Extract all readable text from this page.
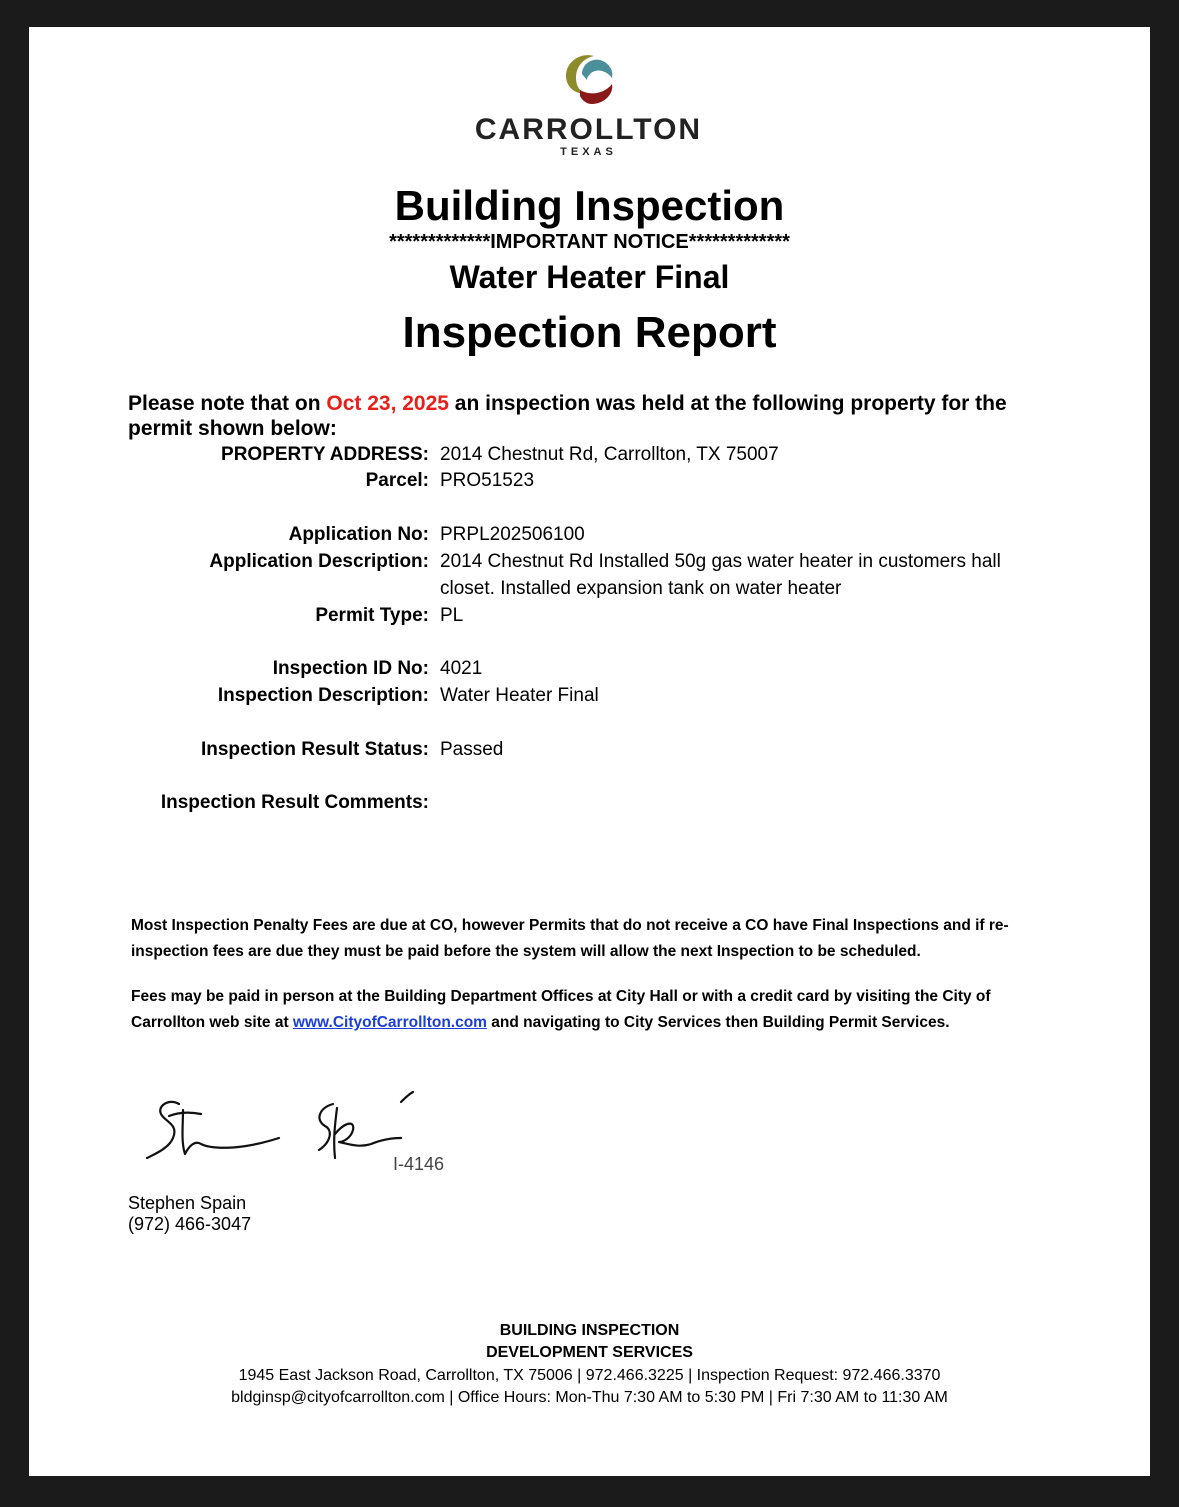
CARROLLTON
TEXAS
Building Inspection
*************IMPORTANT NOTICE*************
Water Heater Final
Inspection Report
Please note that on Oct 23, 2025 an inspection was held at the following property for the permit shown below:
PROPERTY ADDRESS: 2014 Chestnut Rd, Carrollton, TX 75007
Parcel: PRO51523
Application No: PRPL202506100
Application Description: 2014 Chestnut Rd Installed 50g gas water heater in customers hall closet. Installed expansion tank on water heater
Permit Type: PL
Inspection ID No: 4021
Inspection Description: Water Heater Final
Inspection Result Status: Passed
Inspection Result Comments:
Most Inspection Penalty Fees are due at CO, however Permits that do not receive a CO have Final Inspections and if re-inspection fees are due they must be paid before the system will allow the next Inspection to be scheduled.
Fees may be paid in person at the Building Department Offices at City Hall or with a credit card by visiting the City of Carrollton web site at www.CityofCarrollton.com and navigating to City Services then Building Permit Services.
I-4146
Stephen Spain
(972) 466-3047
BUILDING INSPECTION
DEVELOPMENT SERVICES
1945 East Jackson Road, Carrollton, TX 75006 | 972.466.3225 | Inspection Request: 972.466.3370
bldginsp@cityofcarrollton.com | Office Hours: Mon-Thu 7:30 AM to 5:30 PM | Fri 7:30 AM to 11:30 AM
